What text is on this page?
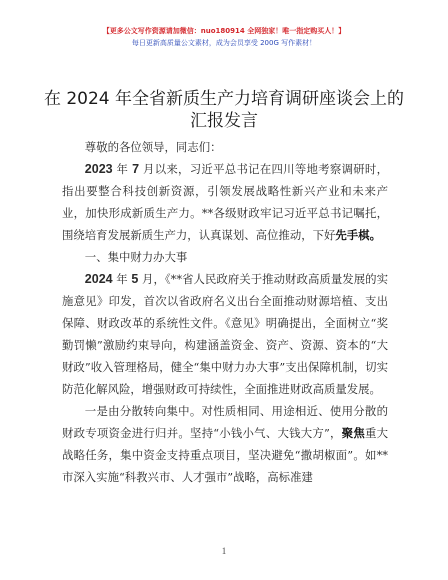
【更多公文写作资源请加微信：nuo180914 全网独家！唯一指定购买人！】
每日更新高质量公文素材，成为会员享受 200G 写作素材！
在 2024 年全省新质生产力培育调研座谈会上的
汇报发言

尊敬的各位领导，同志们：

2023 年 7 月以来，习近平总书记在四川等地考察调研时，指出要整合科技创新资源，引领发展战略性新兴产业和未来产业，加快形成新质生产力。**各级财政牢记习近平总书记嘱托，围绕培育发展新质生产力，认真谋划、高位推动，下好先手棋。

一、集中财力办大事

2024 年 5 月，《**省人民政府关于推动财政高质量发展的实施意见》印发，首次以省政府名义出台全面推动财源培植、支出保障、财政改革的系统性文件。《意见》明确提出，全面树立“奖勤罚懒”激励约束导向，构建涵盖资金、资产、资源、资本的“大财政”收入管理格局，健全“集中财力办大事”支出保障机制，切实防范化解风险，增强财政可持续性，全面推进财政高质量发展。

一是由分散转向集中。对性质相同、用途相近、使用分散的财政专项资金进行归并。坚持“小钱小气、大钱大方”，聚焦重大战略任务，集中资金支持重点项目，坚决避免“撒胡椒面”。如**市深入实施“科教兴市、人才强市”战略，高标准建

1
